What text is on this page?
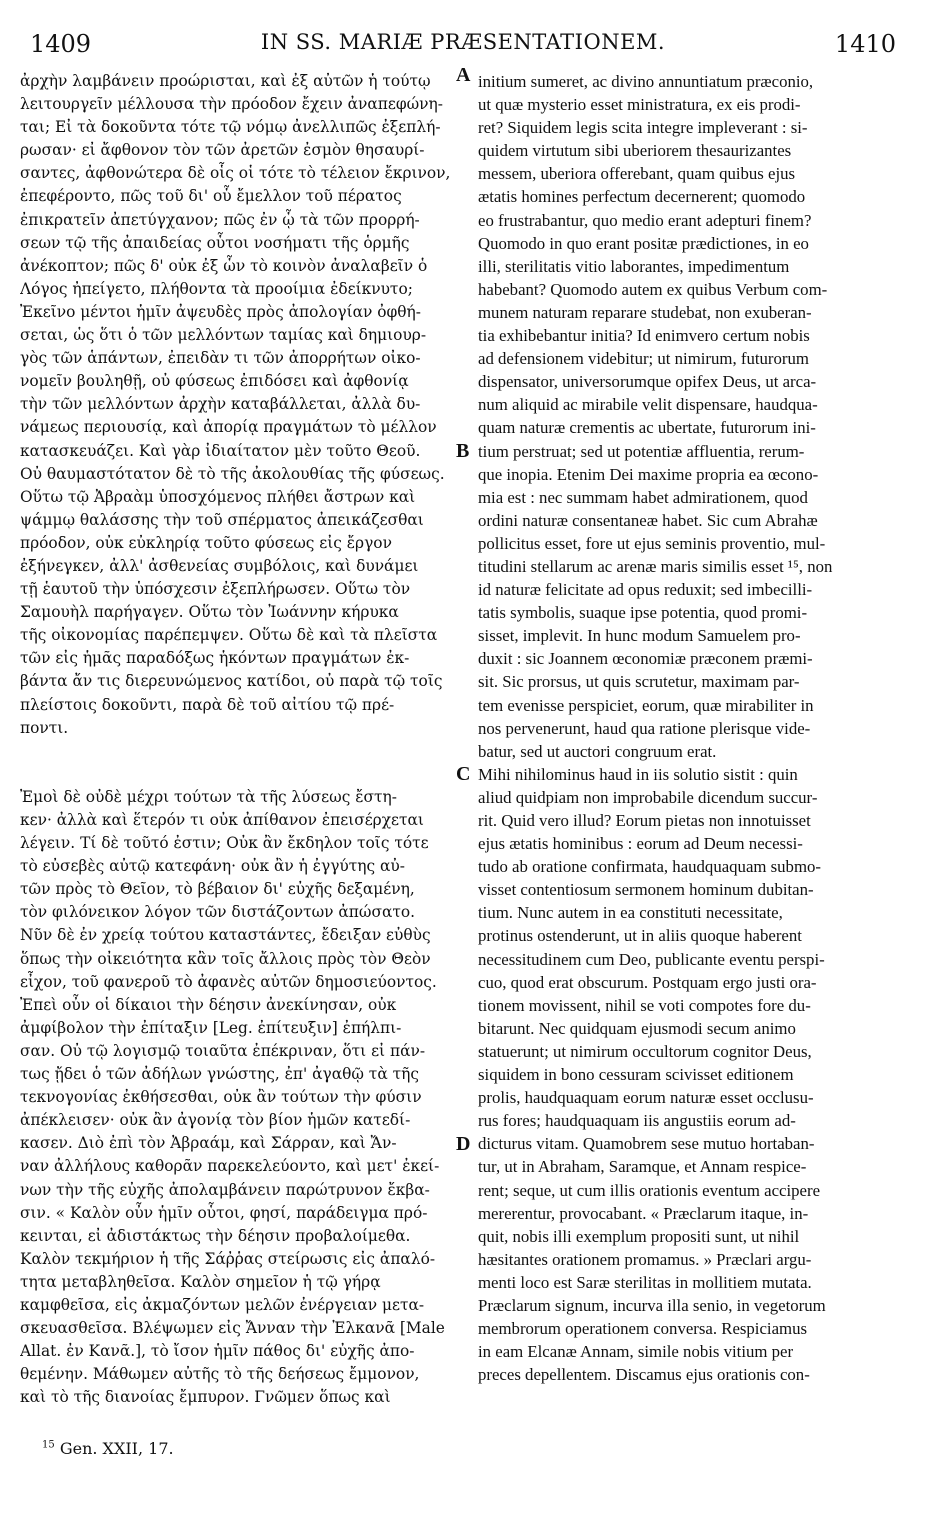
1409	IN SS. MARIÆ PRÆSENTATIONEM.	1410
ἀρχὴν λαμβάνειν προώρισται, καὶ ἐξ αὐτῶν ἡ τούτῳ
λειτουργεῖν μέλλουσα τὴν πρόοδον ἔχειν ἀναπεφώνη-
ται; Εἰ τὰ δοκοῦντα τότε τῷ νόμῳ ἀνελλιπῶς ἐξεπλή-
ρωσαν· εἰ ἄφθονον τὸν τῶν ἀρετῶν ἐσμὸν θησαυρί-
σαντες, ἀφθονώτερα δὲ οἷς οἱ τότε τὸ τέλειον ἔκρινον,
ἐπεφέροντο, πῶς τοῦ δι' οὗ ἔμελλον τοῦ πέρατος
ἐπικρατεῖν ἀπετύγχανον; πῶς ἐν ᾧ τὰ τῶν προρρή-
σεων τῷ τῆς ἀπαιδείας οὗτοι νοσήματι τῆς ὁρμῆς
ἀνέκοπτον; πῶς δ' οὐκ ἐξ ὧν τὸ κοινὸν ἀναλαβεῖν ὁ
Λόγος ἠπείγετο, πλήθοντα τὰ προοίμια ἐδείκνυτο;
Ἐκεῖνο μέντοι ἡμῖν ἀψευδὲς πρὸς ἀπολογίαν ὀφθή-
σεται, ὡς ὅτι ὁ τῶν μελλόντων ταμίας καὶ δημιουρ-
γὸς τῶν ἁπάντων, ἐπειδὰν τι τῶν ἀπορρήτων οἰκο-
νομεῖν βουληθῇ, οὐ φύσεως ἐπιδόσει καὶ ἀφθονίᾳ
τὴν τῶν μελλόντων ἀρχὴν καταβάλλεται, ἀλλὰ δυ-
νάμεως περιουσίᾳ, καὶ ἀπορίᾳ πραγμάτων τὸ μέλλον
κατασκευάζει. Καὶ γὰρ ἰδιαίτατον μὲν τοῦτο Θεοῦ.
Οὐ θαυμαστότατον δὲ τὸ τῆς ἀκολουθίας τῆς φύσεως.
Οὕτω τῷ Ἀβραὰμ ὑποσχόμενος πλήθει ἄστρων καὶ
ψάμμῳ θαλάσσης τὴν τοῦ σπέρματος ἀπεικάζεσθαι
πρόοδον, οὐκ εὐκληρίᾳ τοῦτο φύσεως εἰς ἔργον
ἐξήνεγκεν, ἀλλ' ἀσθενείας συμβόλοις, καὶ δυνάμει
τῇ ἑαυτοῦ τὴν ὑπόσχεσιν ἐξεπλήρωσεν. Οὕτω τὸν
Σαμουὴλ παρήγαγεν. Οὕτω τὸν Ἰωάννην κήρυκα
τῆς οἰκονομίας παρέπεμψεν. Οὕτω δὲ καὶ τὰ πλεῖστα
τῶν εἰς ἡμᾶς παραδόξως ἡκόντων πραγμάτων ἐκ-
βάντα ἄν τις διερευνώμενος κατίδοι, οὐ παρὰ τῷ τοῖς
πλείστοις δοκοῦντι, παρὰ δὲ τοῦ αἰτίου τῷ πρέ-
ποντι.
Ἐμοὶ δὲ οὐδὲ μέχρι τούτων τὰ τῆς λύσεως ἔστη-
κεν· ἀλλὰ καὶ ἕτερόν τι οὐκ ἀπίθανον ἐπεισέρχεται
λέγειν. Τί δὲ τοῦτό ἐστιν; Οὐκ ἂν ἔκδηλον τοῖς τότε
τὸ εὐσεβὲς αὐτῷ κατεφάνη· οὐκ ἂν ἡ ἐγγύτης αὐ-
τῶν πρὸς τὸ Θεῖον, τὸ βέβαιον δι' εὐχῆς δεξαμένη,
τὸν φιλόνεικον λόγον τῶν διστάζοντων ἀπώσατο.
Νῦν δὲ ἐν χρείᾳ τούτου καταστάντες, ἔδειξαν εὐθὺς
ὅπως τὴν οἰκειότητα κἂν τοῖς ἄλλοις πρὸς τὸν Θεὸν
εἶχον, τοῦ φανεροῦ τὸ ἀφανὲς αὐτῶν δημοσιεύοντος.
Ἐπεὶ οὖν οἱ δίκαιοι τὴν δέησιν ἀνεκίνησαν, οὐκ
ἀμφίβολον τὴν ἐπίταξιν [Leg. ἐπίτευξιν] ἐπήλπι-
σαν. Οὐ τῷ λογισμῷ τοιαῦτα ἐπέκριναν, ὅτι εἰ πάν-
τως ᾔδει ὁ τῶν ἀδήλων γνώστης, ἐπ' ἀγαθῷ τὰ τῆς
τεκνογονίας ἐκθήσεσθαι, οὐκ ἂν τούτων τὴν φύσιν
ἀπέκλεισεν· οὐκ ἂν ἀγονίᾳ τὸν βίον ἡμῶν κατεδί-
κασεν. Διὸ ἐπὶ τὸν Ἀβραάμ, καὶ Σάρραν, καὶ Ἄν-
ναν ἀλλήλους καθορᾶν παρεκελεύοντο, καὶ μετ' ἐκεί-
νων τὴν τῆς εὐχῆς ἀπολαμβάνειν παρώτρυνον ἔκβα-
σιν. « Καλὸν οὖν ἡμῖν οὗτοι, φησί, παράδειγμα πρό-
κεινται, εἰ ἀδιστάκτως τὴν δέησιν προβαλοίμεθα.
Καλὸν τεκμήριον ἡ τῆς Σάῤῥας στείρωσις εἰς ἀπαλό-
τητα μεταβληθεῖσα. Καλὸν σημεῖον ἡ τῷ γήρᾳ
καμφθεῖσα, εἰς ἀκμαζόντων μελῶν ἐνέργειαν μετα-
σκευασθεῖσα. Βλέψωμεν εἰς Ἄνναν τὴν Ἐλκανᾶ [Male
Allat. ἐν Κανᾶ.], τὸ ἴσον ἡμῖν πάθος δι' εὐχῆς ἀπο-
θεμένην. Μάθωμεν αὐτῆς τὸ τῆς δεήσεως ἔμμονον,
καὶ τὸ τῆς διανοίας ἔμπυρον. Γνῶμεν ὅπως καὶ
A
B
C
D
initium sumeret, ac divino annuntiatum præconio,
ut quæ mysterio esset ministratura, ex eis prodi-
ret? Siquidem legis scita integre impleverant : si-
quidem virtutum sibi uberiorem thesaurizantes
messem, uberiora offerebant, quam quibus ejus
ætatis homines perfectum decernerent; quomodo
eo frustrabantur, quo medio erant adepturi finem?
Quomodo in quo erant positæ prædictiones, in eo
illi, sterilitatis vitio laborantes, impedimentum
habebant? Quomodo autem ex quibus Verbum com-
munem naturam reparare studebat, non exuberan-
tia exhibebantur initia? Id enimvero certum nobis
ad defensionem videbitur; ut nimirum, futurorum
dispensator, universorumque opifex Deus, ut arca-
num aliquid ac mirabile velit dispensare, haudqua-
quam naturæ crementis ac ubertate, futurorum ini-
tium perstruat; sed ut potentiæ affluentia, rerum-
que inopia. Etenim Dei maxime propria ea œcono-
mia est : nec summam habet admirationem, quod
ordini naturæ consentaneæ habet. Sic cum Abrahæ
pollicitus esset, fore ut ejus seminis proventio, mul-
titudini stellarum ac arenæ maris similis esset ¹⁵, non
id naturæ felicitate ad opus reduxit; sed imbecilli-
tatis symbolis, suaque ipse potentia, quod promi-
sisset, implevit. In hunc modum Samuelem pro-
duxit : sic Joannem œconomiæ præconem præmi-
sit. Sic prorsus, ut quis scrutetur, maximam par-
tem evenisse perspiciet, eorum, quæ mirabiliter in
nos pervenerunt, haud qua ratione plerisque vide-
batur, sed ut auctori congruum erat.
Mihi nihilominus haud in iis solutio sistit : quin
aliud quidpiam non improbabile dicendum succur-
rit. Quid vero illud? Eorum pietas non innotuisset
ejus ætatis hominibus : eorum ad Deum necessi-
tudo ab oratione confirmata, haudquaquam submo-
visset contentiosum sermonem hominum dubitan-
tium. Nunc autem in ea constituti necessitate,
protinus ostenderunt, ut in aliis quoque haberent
necessitudinem cum Deo, publicante eventu perspi-
cuo, quod erat obscurum. Postquam ergo justi ora-
tionem movissent, nihil se voti compotes fore du-
bitarunt. Nec quidquam ejusmodi secum animo
statuerunt; ut nimirum occultorum cognitor Deus,
siquidem in bono cessuram scivisset editionem
prolis, haudquaquam eorum naturæ esset occlusu-
rus fores; haudquaquam iis angustiis eorum ad-
dicturus vitam. Quamobrem sese mutuo hortaban-
tur, ut in Abraham, Saramque, et Annam respice-
rent; seque, ut cum illis orationis eventum accipere
mererentur, provocabant. « Præclarum itaque, in-
quit, nobis illi exemplum propositi sunt, ut nihil
hæsitantes orationem promamus. » Præclari argu-
menti loco est Saræ sterilitas in mollitiem mutata.
Præclarum signum, incurva illa senio, in vegetorum
membrorum operationem conversa. Respiciamus
in eam Elcanæ Annam, simile nobis vitium per
preces depellentem. Discamus ejus orationis con-
$^{15}$ Gen. XXII, 17.
